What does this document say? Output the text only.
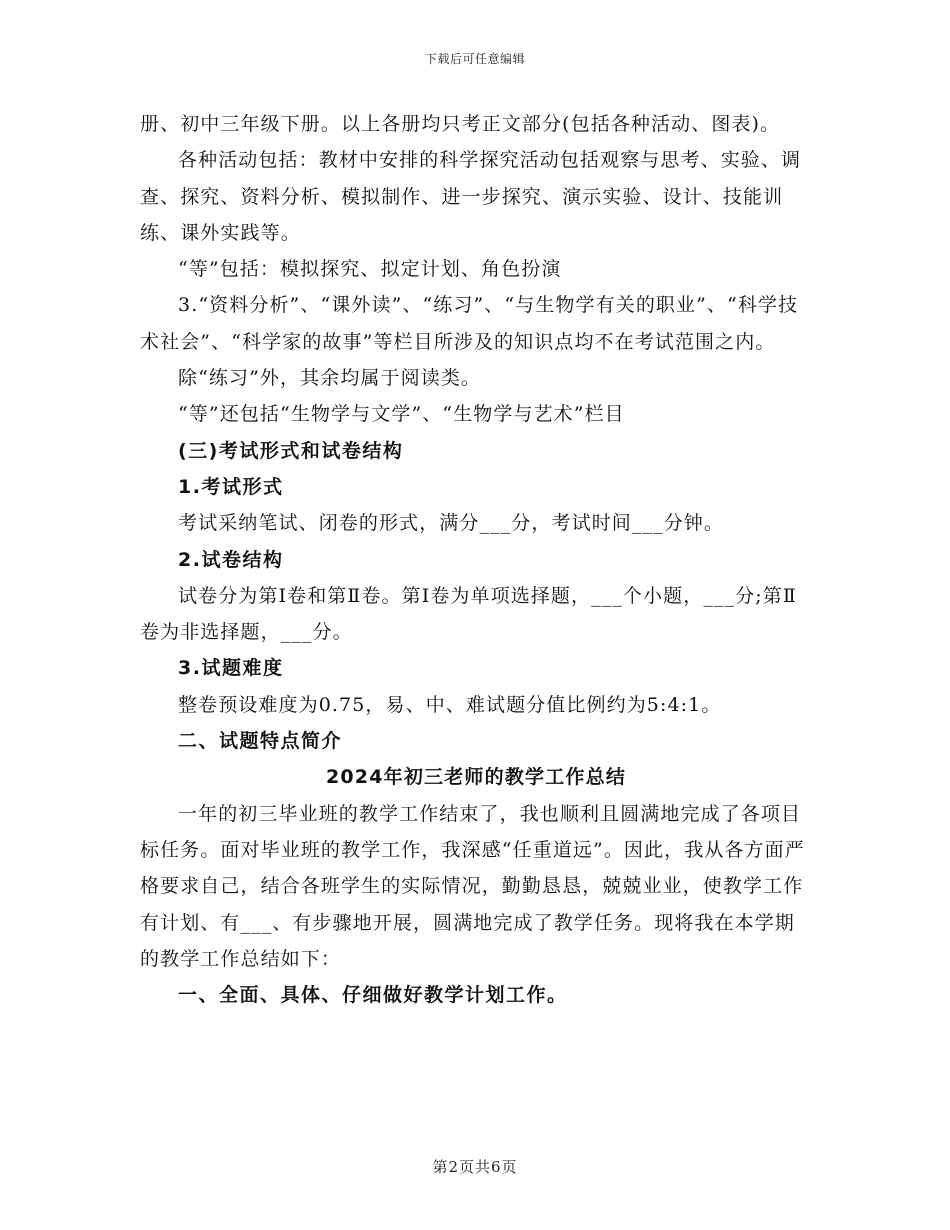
下载后可任意编辑

册、初中三年级下册。以上各册均只考正文部分(包括各种活动、图表)。

各种活动包括：教材中安排的科学探究活动包括观察与思考、实验、调查、探究、资料分析、模拟制作、进一步探究、演示实验、设计、技能训练、课外实践等。

“等”包括：模拟探究、拟定计划、角色扮演

3.“资料分析”、“课外读”、“练习”、“与生物学有关的职业”、“科学技术社会”、“科学家的故事”等栏目所涉及的知识点均不在考试范围之内。

除“练习”外，其余均属于阅读类。

“等”还包括“生物学与文学”、“生物学与艺术”栏目

(三)考试形式和试卷结构

1.考试形式

考试采纳笔试、闭卷的形式，满分___分，考试时间___分钟。

2.试卷结构

试卷分为第Ⅰ卷和第Ⅱ卷。第Ⅰ卷为单项选择题，___个小题，___分;第Ⅱ卷为非选择题，___分。

3.试题难度

整卷预设难度为0.75，易、中、难试题分值比例约为5:4:1。

二、试题特点简介

2024年初三老师的教学工作总结

一年的初三毕业班的教学工作结束了，我也顺利且圆满地完成了各项目标任务。面对毕业班的教学工作，我深感“任重道远”。因此，我从各方面严格要求自己，结合各班学生的实际情况，勤勤恳恳，兢兢业业，使教学工作有计划、有___、有步骤地开展，圆满地完成了教学任务。现将我在本学期的教学工作总结如下：

一、全面、具体、仔细做好教学计划工作。

第2页共6页
